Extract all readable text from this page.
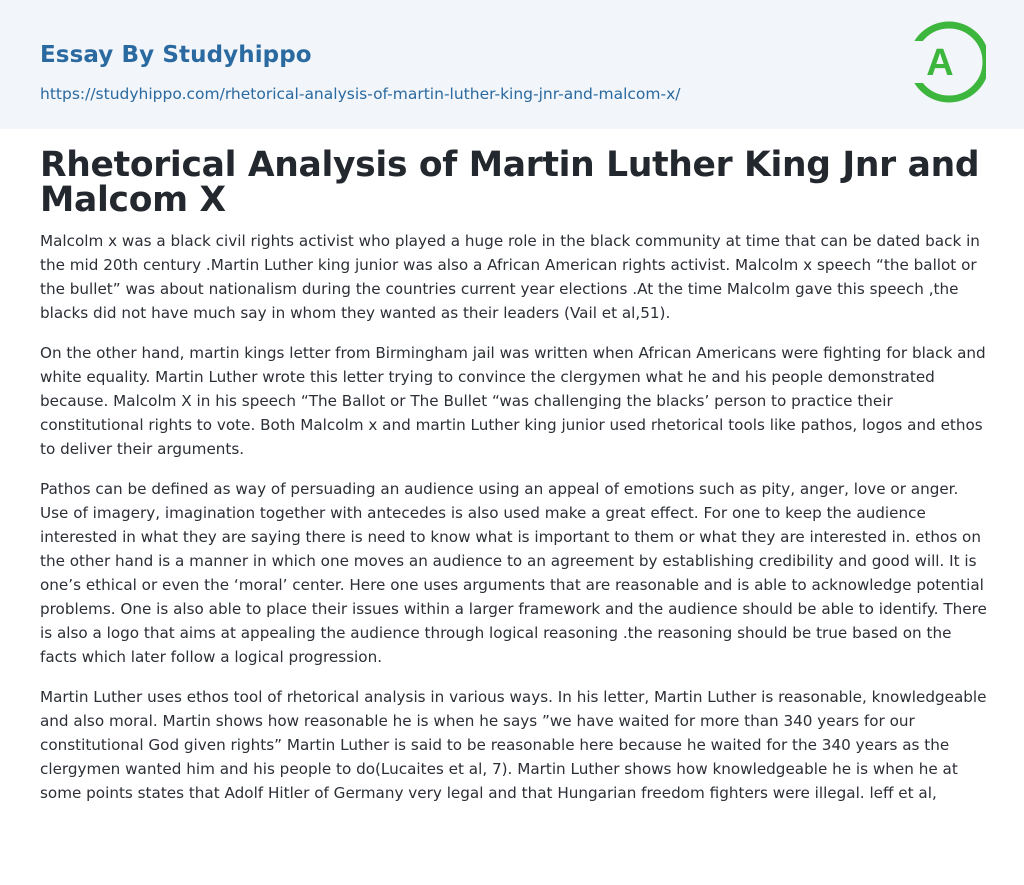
Essay By Studyhippo
https://studyhippo.com/rhetorical-analysis-of-martin-luther-king-jnr-and-malcom-x/
A
Rhetorical Analysis of Martin Luther King Jnr and Malcom X

Malcolm x was a black civil rights activist who played a huge role in the black community at time that can be dated back in the mid 20th century .Martin Luther king junior was also a African American rights activist. Malcolm x speech “the ballot or the bullet” was about nationalism during the countries current year elections .At the time Malcolm gave this speech ,the blacks did not have much say in whom they wanted as their leaders (Vail et al,51).

On the other hand, martin kings letter from Birmingham jail was written when African Americans were fighting for black and white equality. Martin Luther wrote this letter trying to convince the clergymen what he and his people demonstrated because. Malcolm X in his speech “The Ballot or The Bullet “was challenging the blacks’ person to practice their constitutional rights to vote. Both Malcolm x and martin Luther king junior used rhetorical tools like pathos, logos and ethos to deliver their arguments.

Pathos can be defined as way of persuading an audience using an appeal of emotions such as pity, anger, love or anger. Use of imagery, imagination together with antecedes is also used make a great effect. For one to keep the audience interested in what they are saying there is need to know what is important to them or what they are interested in. ethos on the other hand is a manner in which one moves an audience to an agreement by establishing credibility and good will. It is one’s ethical or even the ‘moral’ center. Here one uses arguments that are reasonable and is able to acknowledge potential problems. One is also able to place their issues within a larger framework and the audience should be able to identify. There is also a logo that aims at appealing the audience through logical reasoning .the reasoning should be true based on the facts which later follow a logical progression.

Martin Luther uses ethos tool of rhetorical analysis in various ways. In his letter, Martin Luther is reasonable, knowledgeable and also moral. Martin shows how reasonable he is when he says ”we have waited for more than 340 years for our constitutional God given rights” Martin Luther is said to be reasonable here because he waited for the 340 years as the clergymen wanted him and his people to do(Lucaites et al, 7). Martin Luther shows how knowledgeable he is when he at some points states that Adolf Hitler of Germany very legal and that Hungarian freedom fighters were illegal. leff et al,
